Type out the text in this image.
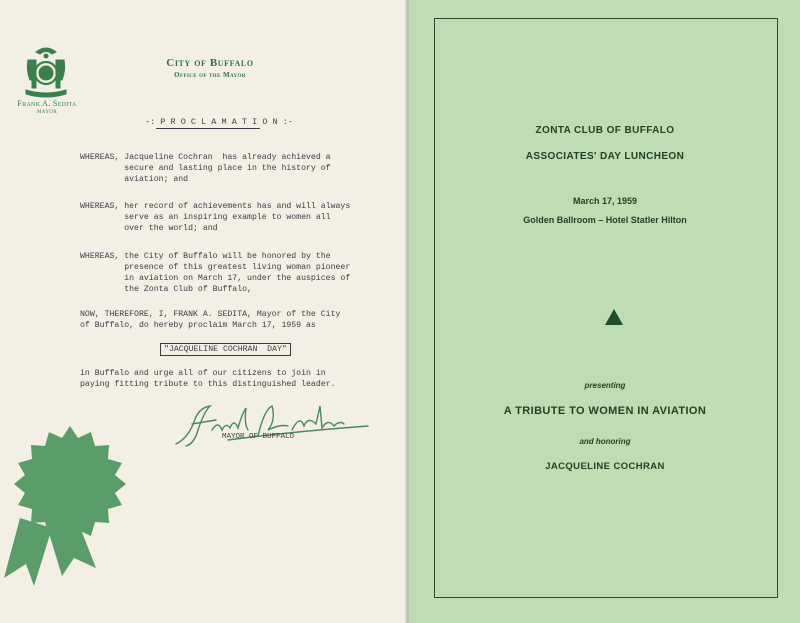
Frank A. Sedita
MAYOR
City of Buffalo
Office of the Mayor
-: P R O C L A M A T I O N :-
WHEREAS, Jacqueline Cochran  has already achieved a
secure and lasting place in the history of
aviation; and
WHEREAS, her record of achievements has and will always
serve as an inspiring example to women all
over the world; and
WHEREAS, the City of Buffalo will be honored by the
presence of this greatest living woman pioneer
in aviation on March 17, under the auspices of
the Zonta Club of Buffalo,
NOW, THEREFORE, I, FRANK A. SEDITA, Mayor of the City
of Buffalo, do hereby proclaim March 17, 1959 as
"JACQUELINE COCHRAN  DAY"
in Buffalo and urge all of our citizens to join in
paying fitting tribute to this distinguished leader.
MAYOR OF BUFFALO
ZONTA CLUB OF BUFFALO
ASSOCIATES' DAY LUNCHEON
March 17, 1959
Golden Ballroom – Hotel Statler Hilton
presenting
A TRIBUTE TO WOMEN IN AVIATION
and honoring
JACQUELINE COCHRAN
